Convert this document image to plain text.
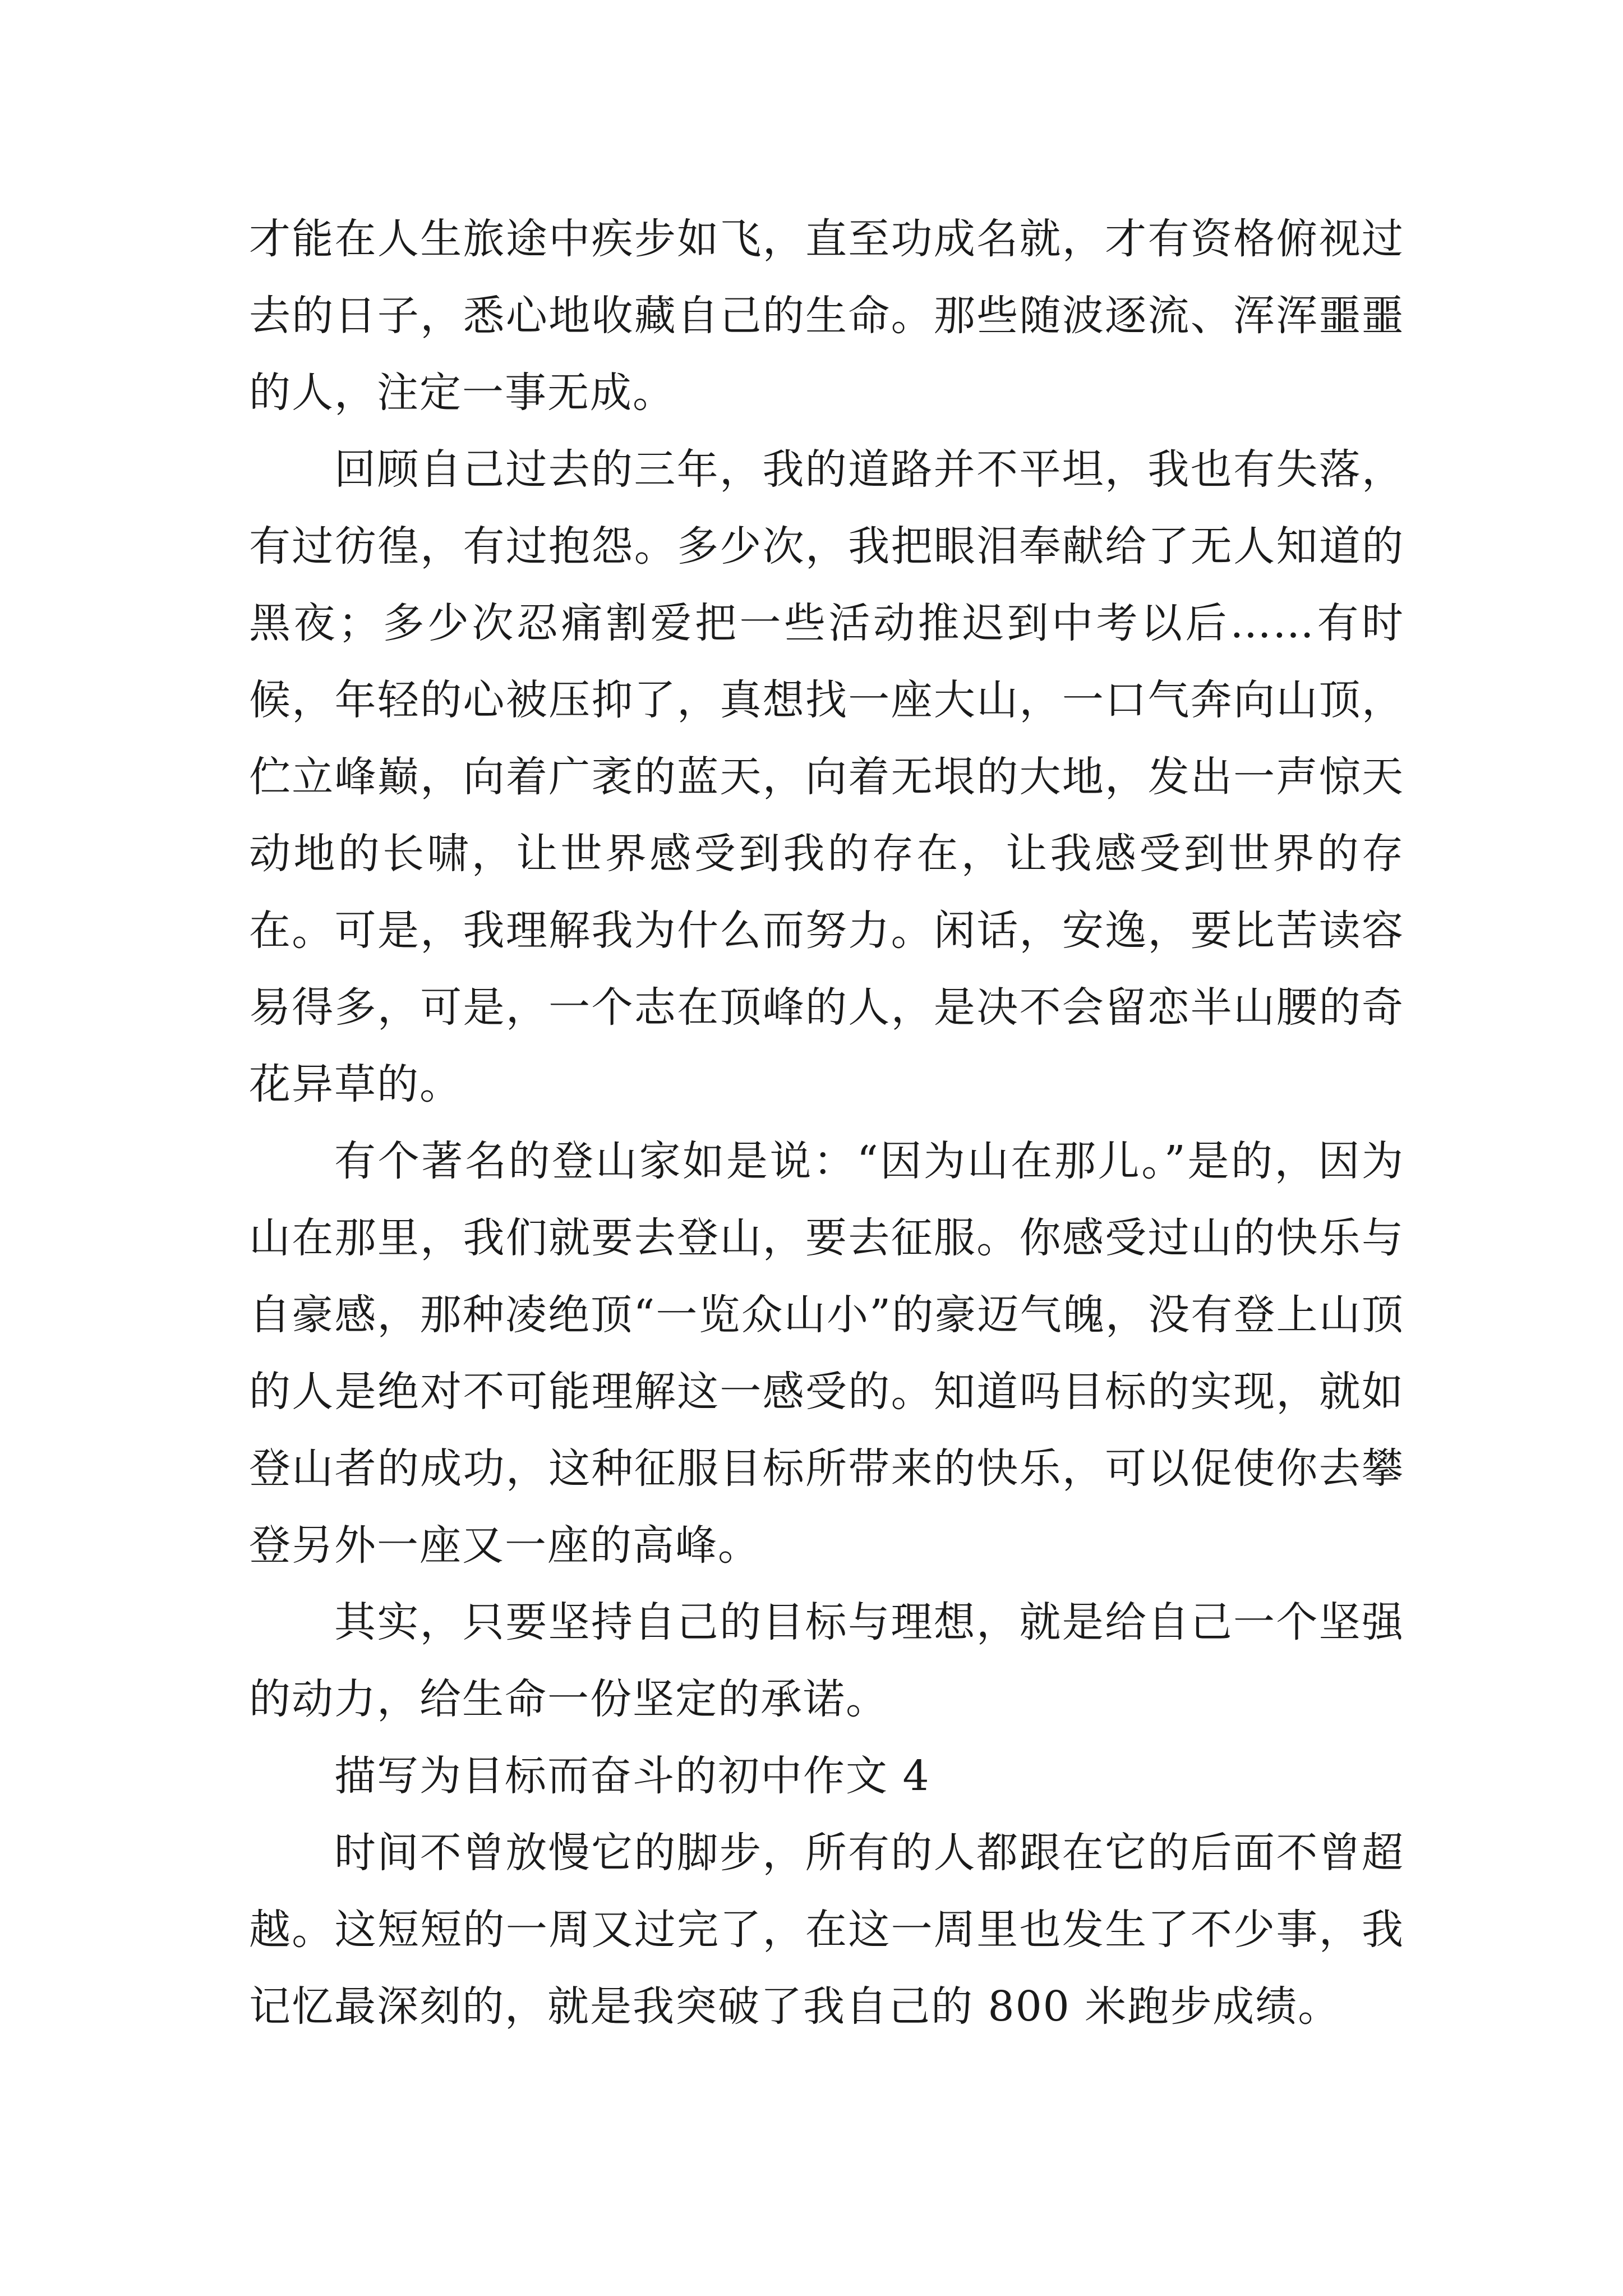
才能在人生旅途中疾步如飞，直至功成名就，才有资格俯视过去的日子，悉心地收藏自己的生命。那些随波逐流、浑浑噩噩的人，注定一事无成。

回顾自己过去的三年，我的道路并不平坦，我也有失落，有过彷徨，有过抱怨。多少次，我把眼泪奉献给了无人知道的黑夜；多少次忍痛割爱把一些活动推迟到中考以后……有时候，年轻的心被压抑了，真想找一座大山，一口气奔向山顶，伫立峰巅，向着广袤的蓝天，向着无垠的大地，发出一声惊天动地的长啸，让世界感受到我的存在，让我感受到世界的存在。可是，我理解我为什么而努力。闲话，安逸，要比苦读容易得多，可是，一个志在顶峰的人，是决不会留恋半山腰的奇花异草的。

有个著名的登山家如是说：“因为山在那儿。”是的，因为山在那里，我们就要去登山，要去征服。你感受过山的快乐与自豪感，那种凌绝顶“一览众山小”的豪迈气魄，没有登上山顶的人是绝对不可能理解这一感受的。知道吗目标的实现，就如登山者的成功，这种征服目标所带来的快乐，可以促使你去攀登另外一座又一座的高峰。

其实，只要坚持自己的目标与理想，就是给自己一个坚强的动力，给生命一份坚定的承诺。

描写为目标而奋斗的初中作文 4

时间不曾放慢它的脚步，所有的人都跟在它的后面不曾超越。这短短的一周又过完了，在这一周里也发生了不少事，我记忆最深刻的，就是我突破了我自己的 800 米跑步成绩。
